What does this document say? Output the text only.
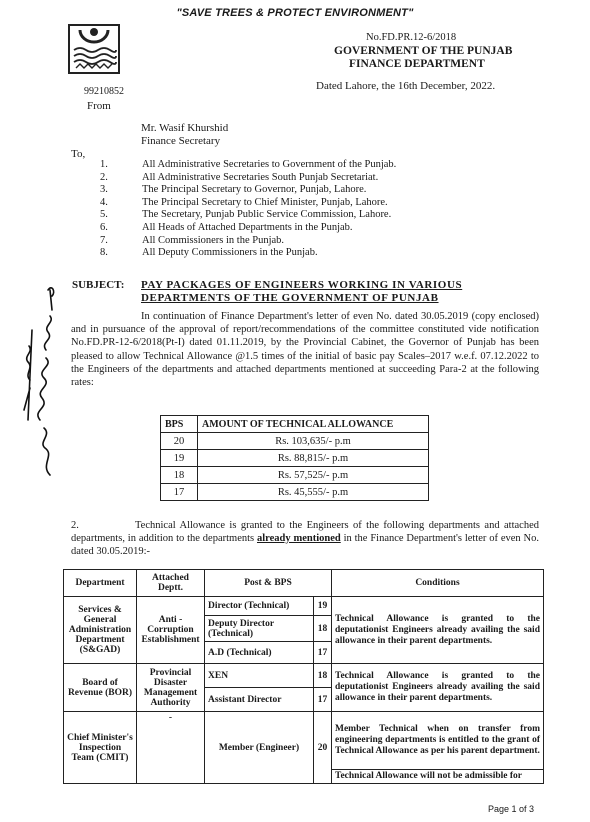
"SAVE TREES & PROTECT ENVIRONMENT"
No.FD.PR.12-6/2018
GOVERNMENT OF THE PUNJAB
FINANCE DEPARTMENT
Dated Lahore, the 16th December, 2022.
99210852
From
Mr. Wasif Khurshid
Finance Secretary
To,
1.	All Administrative Secretaries to Government of the Punjab.
2.	All Administrative Secretaries South Punjab Secretariat.
3.	The Principal Secretary to Governor, Punjab, Lahore.
4.	The Principal Secretary to Chief Minister, Punjab, Lahore.
5.	The Secretary, Punjab Public Service Commission, Lahore.
6.	All Heads of Attached Departments in the Punjab.
7.	All Commissioners in the Punjab.
8.	All Deputy Commissioners in the Punjab.
SUBJECT: PAY PACKAGES OF ENGINEERS WORKING IN VARIOUS DEPARTMENTS OF THE GOVERNMENT OF PUNJAB
In continuation of Finance Department's letter of even No. dated 30.05.2019 (copy enclosed) and in pursuance of the approval of report/recommendations of the committee constituted vide notification No.FD.PR-12-6/2018(Pt-I) dated 01.11.2019, by the Provincial Cabinet, the Governor of Punjab has been pleased to allow Technical Allowance @1.5 times of the initial of basic pay Scales–2017 w.e.f. 07.12.2022 to the Engineers of the departments and attached departments mentioned at succeeding Para-2 at the following rates:
BPS	AMOUNT OF TECHNICAL ALLOWANCE
20	Rs. 103,635/- p.m
19	Rs. 88,815/- p.m
18	Rs. 57,525/- p.m
17	Rs. 45,555/- p.m
2.	Technical Allowance is granted to the Engineers of the following departments and attached departments, in addition to the departments already mentioned in the Finance Department's letter of even No. dated 30.05.2019:-
Department	Attached Deptt.	Post & BPS		Conditions
Services & General Administration Department (S&GAD)	Anti - Corruption Establishment	Director (Technical)	19	Technical Allowance is granted to the deputationist Engineers already availing the said allowance in their parent departments.
		Deputy Director (Technical)	18	
		A.D (Technical)	17	
Board of Revenue (BOR)	Provincial Disaster Management Authority	XEN	18	Technical Allowance is granted to the deputationist Engineers already availing the said allowance in their parent departments.
		Assistant Director	17	
Chief Minister's Inspection Team (CMIT)	-	Member (Engineer)	20	Member Technical when on transfer from engineering departments is entitled to the grant of Technical Allowance as per his parent department.
				Technical Allowance will not be admissible for
Page 1 of 3
